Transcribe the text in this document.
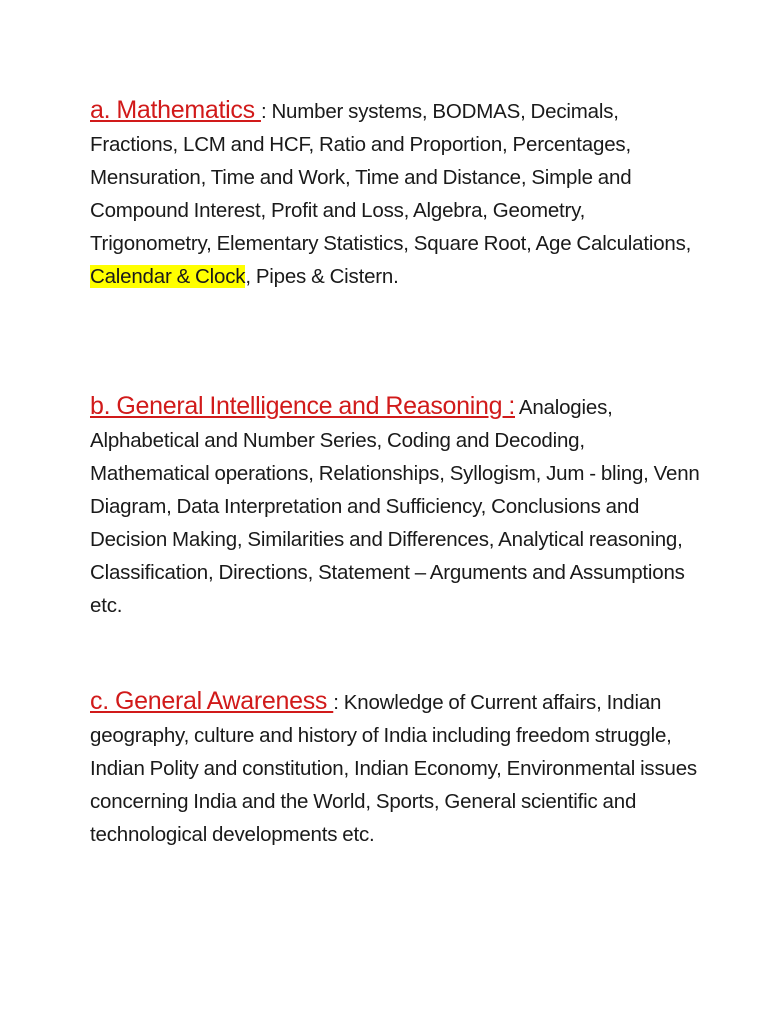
a. Mathematics : Number systems, BODMAS, Decimals, Fractions, LCM and HCF, Ratio and Proportion, Percentages, Mensuration, Time and Work, Time and Distance, Simple and Compound Interest, Profit and Loss, Algebra, Geometry, Trigonometry, Elementary Statistics, Square Root, Age Calculations, Calendar & Clock, Pipes & Cistern.
b. General Intelligence and Reasoning : Analogies, Alphabetical and Number Series, Coding and Decoding, Mathematical operations, Relationships, Syllogism, Jum - bling, Venn Diagram, Data Interpretation and Sufficiency, Conclusions and Decision Making, Similarities and Differences, Analytical reasoning, Classification, Directions, Statement – Arguments and Assumptions etc.
c. General Awareness : Knowledge of Current affairs, Indian geography, culture and history of India including freedom struggle, Indian Polity and constitution, Indian Economy, Environmental issues concerning India and the World, Sports, General scientific and technological developments etc.
